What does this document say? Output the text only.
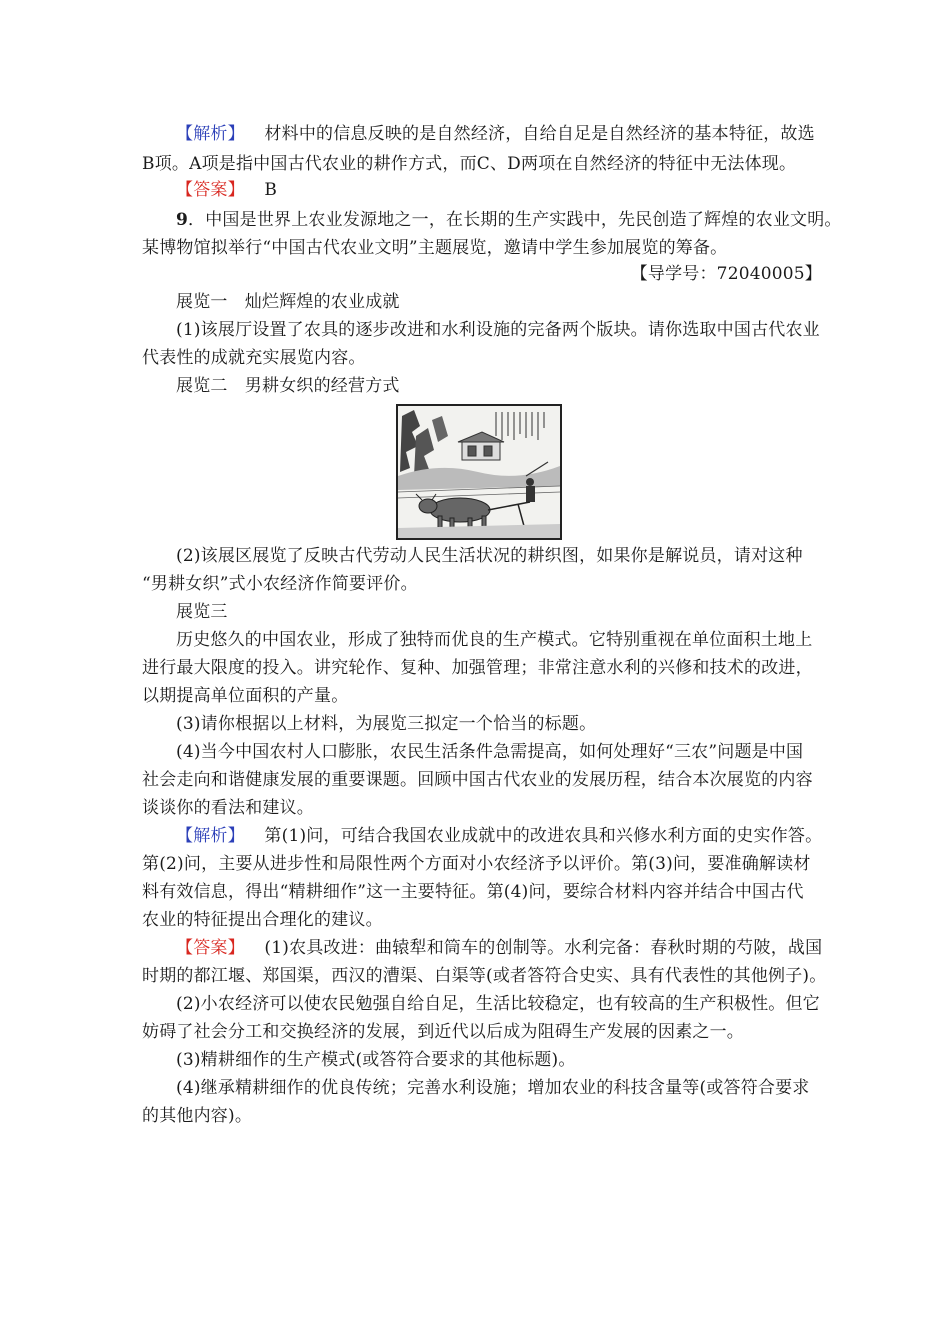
【解析】 材料中的信息反映的是自然经济，自给自足是自然经济的基本特征，故选
B项。A项是指中国古代农业的耕作方式，而C、D两项在自然经济的特征中无法体现。
【答案】 B
9．中国是世界上农业发源地之一，在长期的生产实践中，先民创造了辉煌的农业文明。
某博物馆拟举行“中国古代农业文明”主题展览，邀请中学生参加展览的筹备。
【导学号：72040005】
展览一　灿烂辉煌的农业成就
(1)该展厅设置了农具的逐步改进和水利设施的完备两个版块。请你选取中国古代农业
代表性的成就充实展览内容。
展览二　男耕女织的经营方式
(2)该展区展览了反映古代劳动人民生活状况的耕织图，如果你是解说员，请对这种
“男耕女织”式小农经济作简要评价。
展览三
历史悠久的中国农业，形成了独特而优良的生产模式。它特别重视在单位面积土地上
进行最大限度的投入。讲究轮作、复种、加强管理；非常注意水利的兴修和技术的改进，
以期提高单位面积的产量。
(3)请你根据以上材料，为展览三拟定一个恰当的标题。
(4)当今中国农村人口膨胀，农民生活条件急需提高，如何处理好“三农”问题是中国
社会走向和谐健康发展的重要课题。回顾中国古代农业的发展历程，结合本次展览的内容
谈谈你的看法和建议。
【解析】 第(1)问，可结合我国农业成就中的改进农具和兴修水利方面的史实作答。
第(2)问，主要从进步性和局限性两个方面对小农经济予以评价。第(3)问，要准确解读材
料有效信息，得出“精耕细作”这一主要特征。第(4)问，要综合材料内容并结合中国古代
农业的特征提出合理化的建议。
【答案】 (1)农具改进：曲辕犁和筒车的创制等。水利完备：春秋时期的芍陂，战国
时期的都江堰、郑国渠，西汉的漕渠、白渠等(或者答符合史实、具有代表性的其他例子)。
(2)小农经济可以使农民勉强自给自足，生活比较稳定，也有较高的生产积极性。但它
妨碍了社会分工和交换经济的发展，到近代以后成为阻碍生产发展的因素之一。
(3)精耕细作的生产模式(或答符合要求的其他标题)。
(4)继承精耕细作的优良传统；完善水利设施；增加农业的科技含量等(或答符合要求
的其他内容)。
